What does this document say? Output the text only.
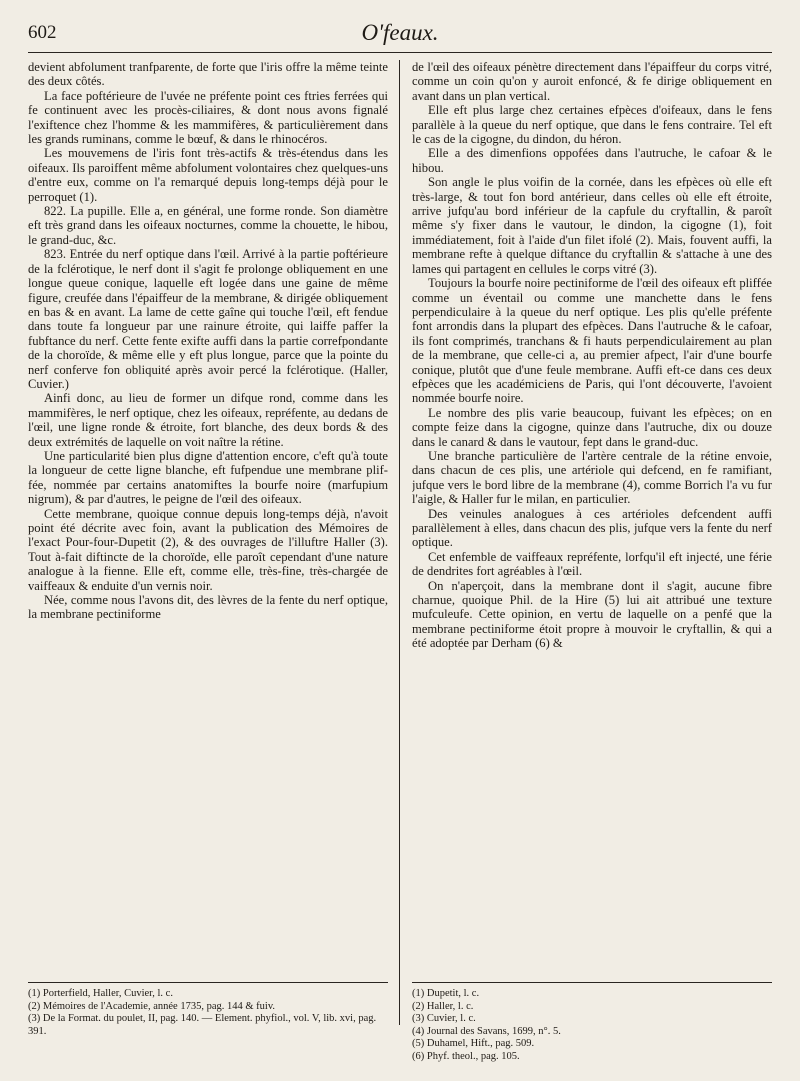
602	O'feaux.

devient abfolument tranfparente, de forte que l'iris offre la même teinte des deux côtés.

La face poftérieure de l'uvée ne préfente point ces ftries ferrées qui fe continuent avec les procès-ciliaires, & dont nous avons fignalé l'exiftence chez l'homme & les mammifères, & particulièrement dans les grands ruminans, comme le bœuf, & dans le rhinocéros.

Les mouvemens de l'iris font très-actifs & très-étendus dans les oifeaux. Ils paroiffent même abfolument volontaires chez quelques-uns d'entre eux, comme on l'a remarqué depuis long-temps déjà pour le perroquet (1).

822. La pupille. Elle a, en général, une forme ronde. Son diamètre eft très grand dans les oifeaux nocturnes, comme la chouette, le hibou, le grand-duc, &c.

823. Entrée du nerf optique dans l'œil. Arrivé à la partie poftérieure de la fclérotique, le nerf dont il s'agit fe prolonge obliquement en une longue queue conique, laquelle eft logée dans une gaine de même figure, creufée dans l'épaiffeur de la membrane, & dirigée obliquement en bas & en avant. La lame de cette gaîne qui touche l'œil, eft fendue dans toute fa longueur par une rainure étroite, qui laiffe paffer la fubftance du nerf. Cette fente exifte auffi dans la partie correfpondante de la choroïde, & même elle y eft plus longue, parce que la pointe du nerf conferve fon obliquité après avoir percé la fclérotique. (Haller, Cuvier.)

Ainfi donc, au lieu de former un difque rond, comme dans les mammifères, le nerf optique, chez les oifeaux, repréfente, au dedans de l'œil, une ligne ronde & étroite, fort blanche, des deux bords & des deux extrémités de laquelle on voit naître la rétine.

Une particularité bien plus digne d'attention encore, c'eft qu'à toute la longueur de cette ligne blanche, eft fufpendue une membrane plif-fée, nommée par certains anatomiftes la bourfe noire (marfupium nigrum), & par d'autres, le peigne de l'œil des oifeaux.

Cette membrane, quoique connue depuis long-temps déjà, n'avoit point été décrite avec foin, avant la publication des Mémoires de l'exact Pour-four-Dupetit (2), & des ouvrages de l'illuftre Haller (3). Tout à-fait diftincte de la choroïde, elle paroît cependant d'une nature analogue à la fienne. Elle eft, comme elle, très-fine, très-chargée de vaiffeaux & enduite d'un vernis noir.

Née, comme nous l'avons dit, des lèvres de la fente du nerf optique, la membrane pectiniforme

de l'œil des oifeaux pénètre directement dans l'épaiffeur du corps vitré, comme un coin qu'on y auroit enfoncé, & fe dirige obliquement en avant dans un plan vertical.

Elle eft plus large chez certaines efpèces d'oifeaux, dans le fens parallèle à la queue du nerf optique, que dans le fens contraire. Tel eft le cas de la cigogne, du dindon, du héron.

Elle a des dimenfions oppofées dans l'autruche, le cafoar & le hibou.

Son angle le plus voifin de la cornée, dans les efpèces où elle eft très-large, & tout fon bord antérieur, dans celles où elle eft étroite, arrive jufqu'au bord inférieur de la capfule du cryftallin, & paroît même s'y fixer dans le vautour, le dindon, la cigogne (1), foit immédiatement, foit à l'aide d'un filet ifolé (2). Mais, fouvent auffi, la membrane refte à quelque diftance du cryftallin & s'attache à une des lames qui partagent en cellules le corps vitré (3).

Toujours la bourfe noire pectiniforme de l'œil des oifeaux eft pliffée comme un éventail ou comme une manchette dans le fens perpendiculaire à la queue du nerf optique. Les plis qu'elle préfente font arrondis dans la plupart des efpèces. Dans l'autruche & le cafoar, ils font comprimés, tranchans & fi hauts perpendiculairement au plan de la membrane, que celle-ci a, au premier afpect, l'air d'une bourfe conique, plutôt que d'une feule membrane. Auffi eft-ce dans ces deux efpèces que les académiciens de Paris, qui l'ont découverte, l'avoient nommée bourfe noire.

Le nombre des plis varie beaucoup, fuivant les efpèces; on en compte feize dans la cigogne, quinze dans l'autruche, dix ou douze dans le canard & dans le vautour, fept dans le grand-duc.

Une branche particulière de l'artère centrale de la rétine envoie, dans chacun de ces plis, une artériole qui defcend, en fe ramifiant, jufque vers le bord libre de la membrane (4), comme Borrich l'a vu fur l'aigle, & Haller fur le milan, en particulier.

Des veinules analogues à ces artérioles defcendent auffi parallèlement à elles, dans chacun des plis, jufque vers la fente du nerf optique.

Cet enfemble de vaiffeaux repréfente, lorfqu'il eft injecté, une férie de dendrites fort agréables à l'œil.

On n'aperçoit, dans la membrane dont il s'agit, aucune fibre charnue, quoique Phil. de la Hire (5) lui ait attribué une texture mufculeufe. Cette opinion, en vertu de laquelle on a penfé que la membrane pectiniforme étoit propre à mouvoir le cryftallin, & qui a été adoptée par Derham (6) &

(1) Porterfield, Haller, Cuvier, l. c.
(2) Mémoires de l'Academie, année 1735, pag. 144 & fuiv.
(3) De la Format. du poulet, II, pag. 140. — Element. phyfiol., vol. V, lib. xvi, pag. 391.
(1) Dupetit, l. c.
(2) Haller, l. c.
(3) Cuvier, l. c.
(4) Journal des Savans, 1699, n°. 5.
(5) Duhamel, Hift., pag. 509.
(6) Phyf. theol., pag. 105.
